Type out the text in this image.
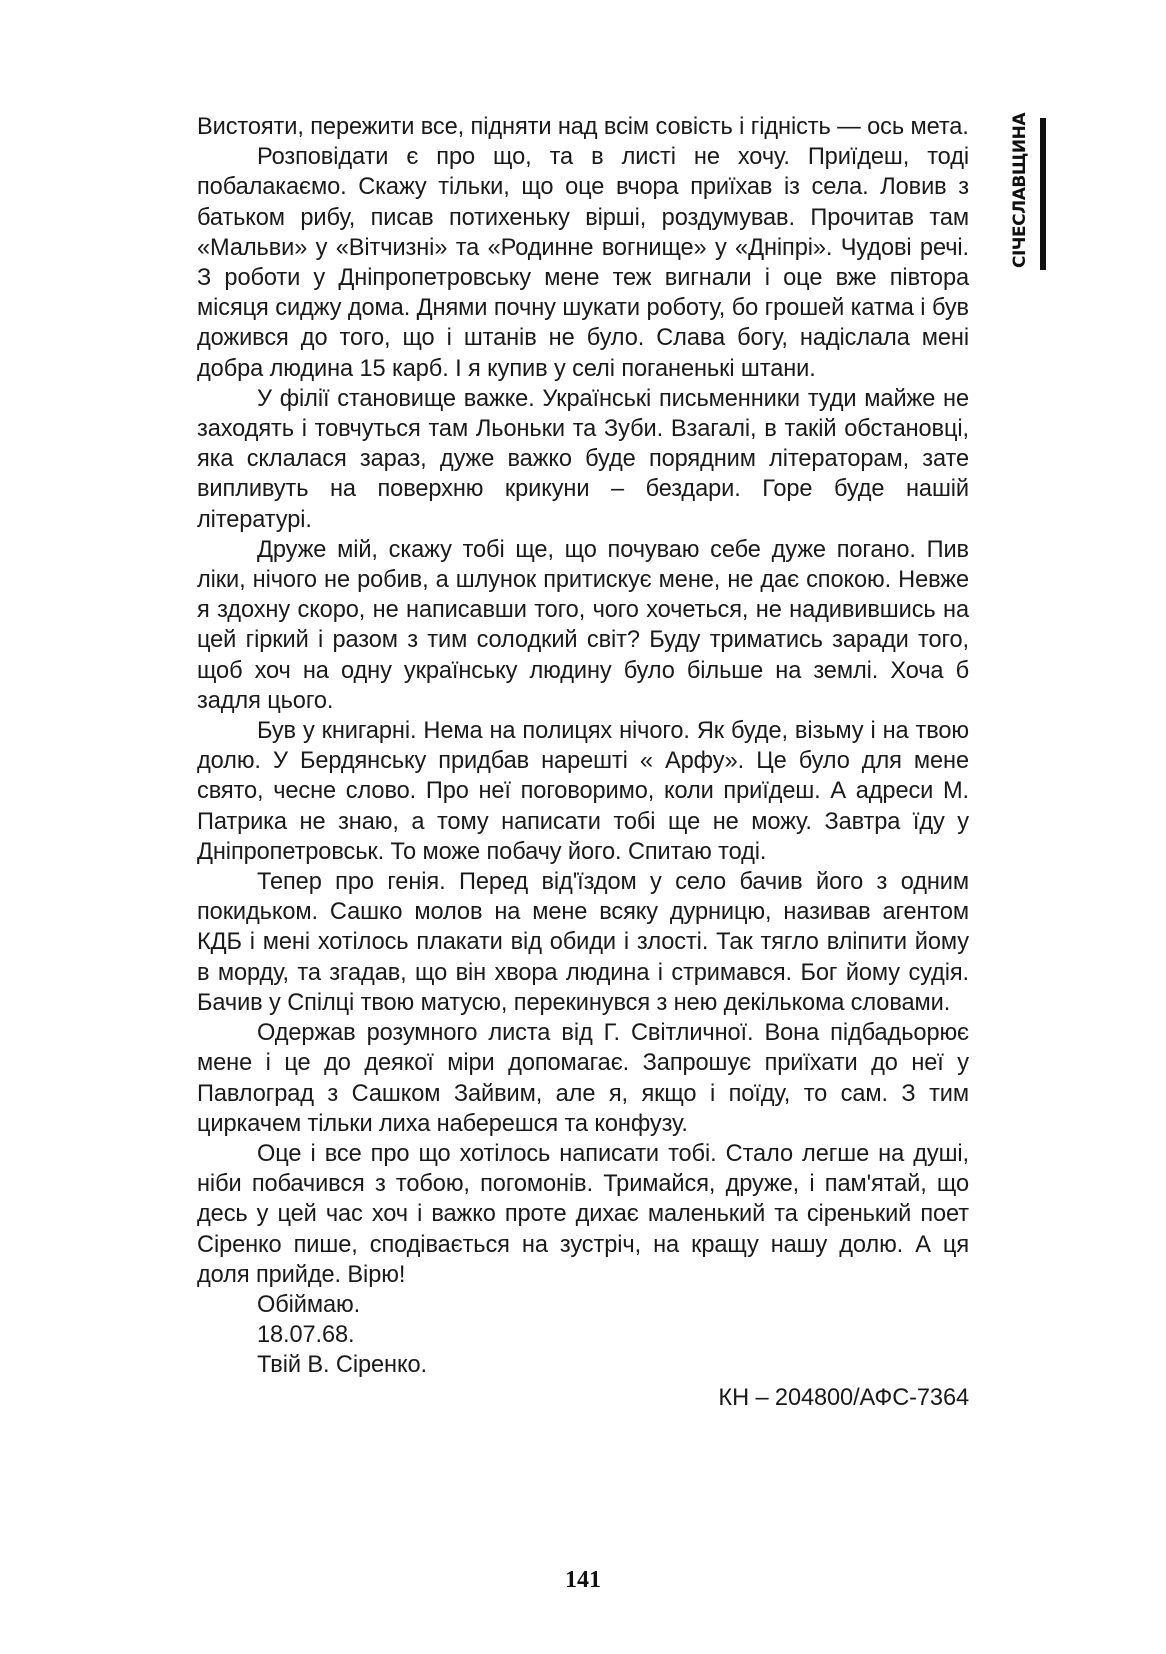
СІЧЕСЛАВЩИНА

Вистояти, пережити все, підняти над всім совість і гідність — ось мета.

Розповідати є про що, та в листі не хочу. Приїдеш, тоді побалакаємо. Скажу тільки, що оце вчора приїхав із села. Ловив з батьком рибу, писав потихеньку вірші, роздумував. Прочитав там «Мальви» у «Вітчизні» та «Родинне вогнище» у «Дніпрі». Чудові речі. З роботи у Дніпропетровську мене теж вигнали і оце вже півтора місяця сиджу дома. Днями почну шукати роботу, бо грошей катма і був дожився до того, що і штанів не було. Слава богу, надіслала мені добра людина 15 карб. І я купив у селі поганенькі штани.

У філії становище важке. Українські письменники туди майже не заходять і товчуться там Льоньки та Зуби. Взагалі, в такій обстановці, яка склалася зараз, дуже важко буде порядним літераторам, зате випливуть на поверхню крикуни – бездари. Горе буде нашій літературі.

Друже мій, скажу тобі ще, що почуваю себе дуже погано. Пив ліки, нічого не робив, а шлунок притискує мене, не дає спокою. Невже я здохну скоро, не написавши того, чого хочеться, не надивившись на цей гіркий і разом з тим солодкий світ? Буду триматись заради того, щоб хоч на одну українську людину було більше на землі. Хоча б задля цього.

Був у книгарні. Нема на полицях нічого. Як буде, візьму і на твою долю. У Бердянську придбав нарешті « Арфу». Це було для мене свято, чесне слово. Про неї поговоримо, коли приїдеш. А адреси М. Патрика не знаю, а тому написати тобі ще не можу. Завтра їду у Дніпропетровськ. То може побачу його. Спитаю тоді.

Тепер про генія. Перед від'їздом у село бачив його з одним покидьком. Сашко молов на мене всяку дурницю, називав агентом КДБ і мені хотілось плакати від обиди і злості. Так тягло вліпити йому в морду, та згадав, що він хвора людина і стримався. Бог йому судія. Бачив у Спілці твою матусю, перекинувся з нею декількома словами.

Одержав розумного листа від Г. Світличної. Вона підбадьорює мене і це до деякої міри допомагає. Запрошує приїхати до неї у Павлоград з Сашком Зайвим, але я, якщо і поїду, то сам. З тим циркачем тільки лиха наберешся та конфузу.

Оце і все про що хотілось написати тобі. Стало легше на душі, ніби побачився з тобою, погомонів. Тримайся, друже, і пам'ятай, що десь у цей час хоч і важко проте дихає маленький та сіренький поет Сіренко пише, сподівається на зустріч, на кращу нашу долю. А ця доля прийде. Вірю!

Обіймаю.

18.07.68.

Твій В. Сіренко.

КН – 204800/АФС-7364

141
